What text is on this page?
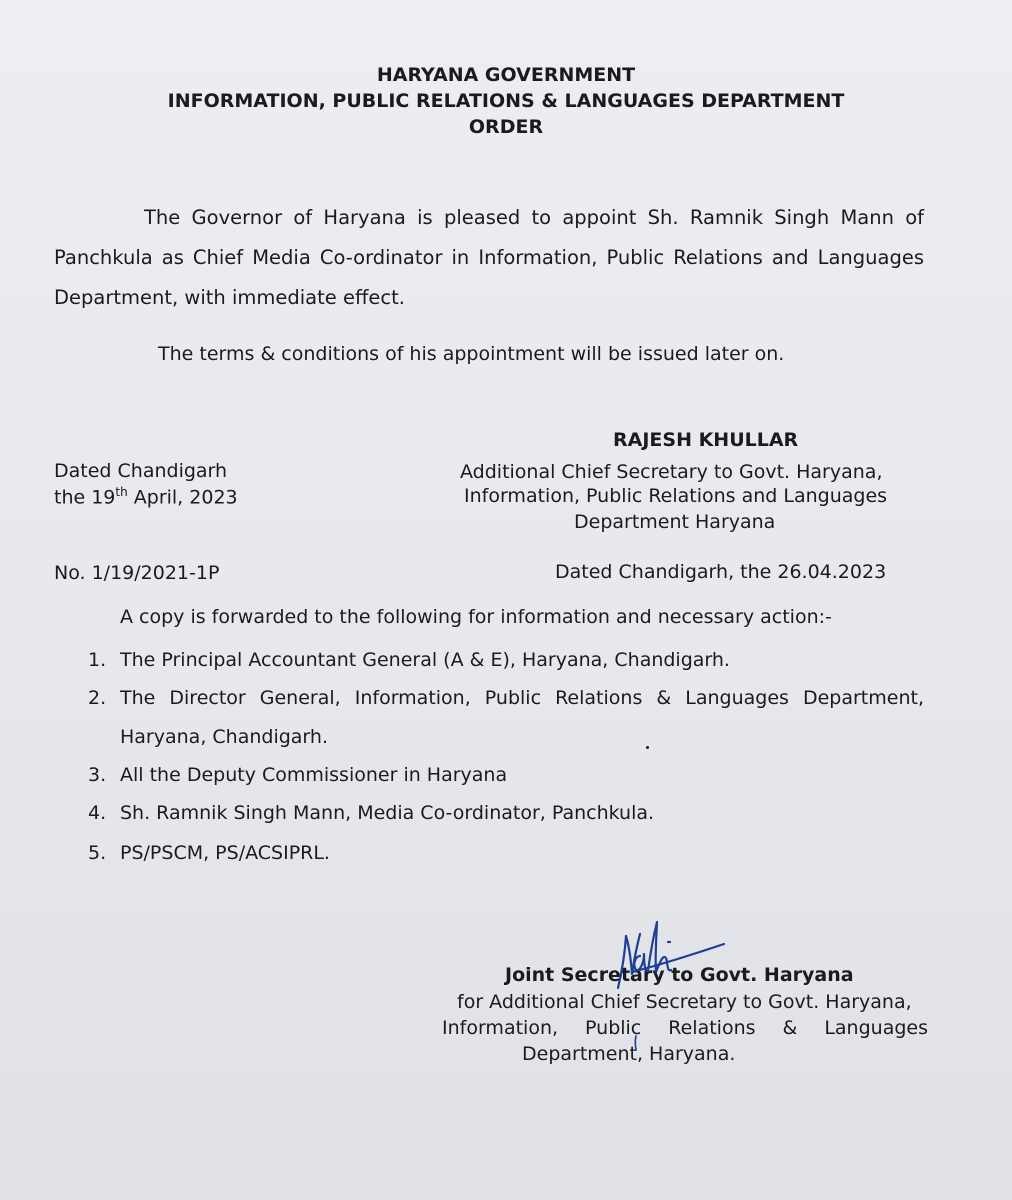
HARYANA GOVERNMENT
INFORMATION, PUBLIC RELATIONS & LANGUAGES DEPARTMENT
ORDER
The Governor of Haryana is pleased to appoint Sh. Ramnik Singh Mann of Panchkula as Chief Media Co-ordinator in Information, Public Relations and Languages Department, with immediate effect.
The terms & conditions of his appointment will be issued later on.
RAJESH KHULLAR
Additional Chief Secretary to Govt. Haryana,
Information, Public Relations and Languages
Department Haryana
Dated Chandigarh
the 19th April, 2023
No. 1/19/2021-1P	Dated Chandigarh, the 26.04.2023
A copy is forwarded to the following for information and necessary action:-
1. The Principal Accountant General (A & E), Haryana, Chandigarh.
2. The Director General, Information, Public Relations & Languages Department,
Haryana, Chandigarh.
3. All the Deputy Commissioner in Haryana
4. Sh. Ramnik Singh Mann, Media Co-ordinator, Panchkula.
5. PS/PSCM, PS/ACSIPRL.
Joint Secretary to Govt. Haryana
for Additional Chief Secretary to Govt. Haryana,
Information, Public Relations & Languages
Department, Haryana.
